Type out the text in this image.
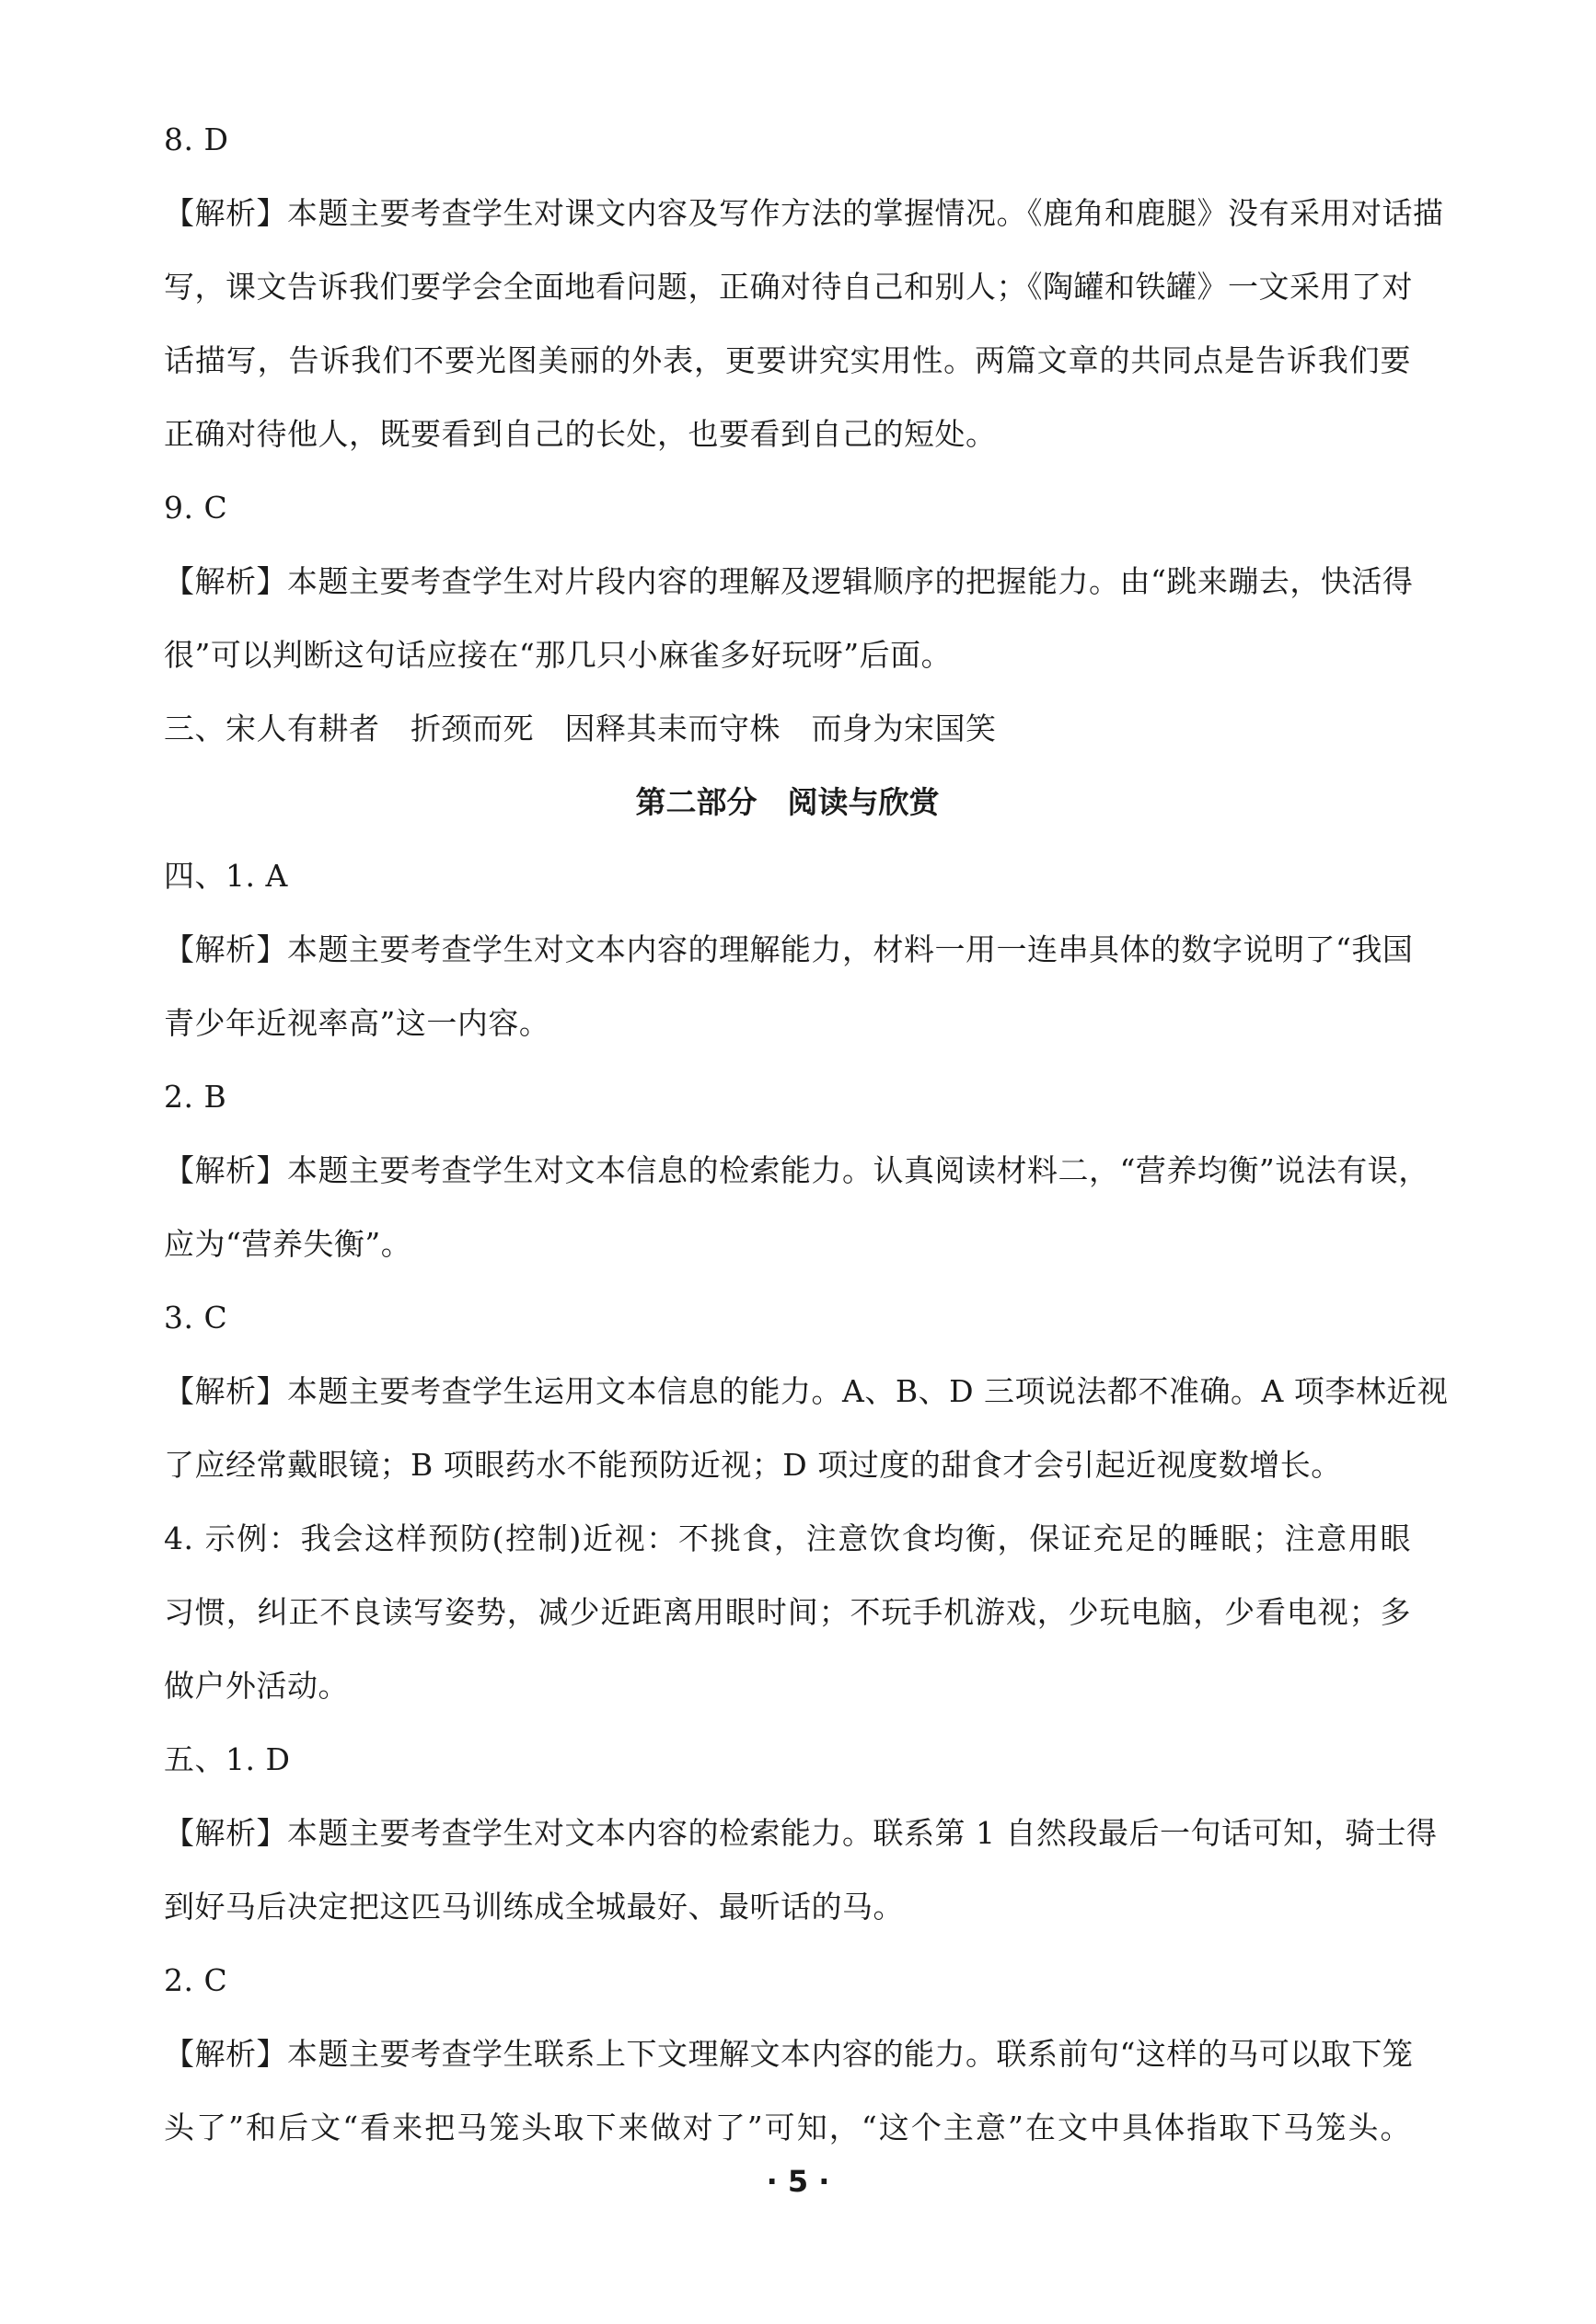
8. D
【解析】本题主要考查学生对课文内容及写作方法的掌握情况。《鹿角和鹿腿》没有采用对话描
写，课文告诉我们要学会全面地看问题，正确对待自己和别人；《陶罐和铁罐》一文采用了对
话描写，告诉我们不要光图美丽的外表，更要讲究实用性。两篇文章的共同点是告诉我们要
正确对待他人，既要看到自己的长处，也要看到自己的短处。
9. C
【解析】本题主要考查学生对片段内容的理解及逻辑顺序的把握能力。由“跳来蹦去，快活得
很”可以判断这句话应接在“那几只小麻雀多好玩呀”后面。
三、宋人有耕者　折颈而死　因释其耒而守株　而身为宋国笑
第二部分　阅读与欣赏
四、1. A
【解析】本题主要考查学生对文本内容的理解能力，材料一用一连串具体的数字说明了“我国
青少年近视率高”这一内容。
2. B
【解析】本题主要考查学生对文本信息的检索能力。认真阅读材料二，“营养均衡”说法有误，
应为“营养失衡”。
3. C
【解析】本题主要考查学生运用文本信息的能力。A、B、D 三项说法都不准确。A 项李林近视
了应经常戴眼镜；B 项眼药水不能预防近视；D 项过度的甜食才会引起近视度数增长。
4. 示例：我会这样预防(控制)近视：不挑食，注意饮食均衡，保证充足的睡眠；注意用眼
习惯，纠正不良读写姿势，减少近距离用眼时间；不玩手机游戏，少玩电脑，少看电视；多
做户外活动。
五、1. D
【解析】本题主要考查学生对文本内容的检索能力。联系第 1 自然段最后一句话可知，骑士得
到好马后决定把这匹马训练成全城最好、最听话的马。
2. C
【解析】本题主要考查学生联系上下文理解文本内容的能力。联系前句“这样的马可以取下笼
头了”和后文“看来把马笼头取下来做对了”可知，“这个主意”在文中具体指取下马笼头。
· 5 ·
